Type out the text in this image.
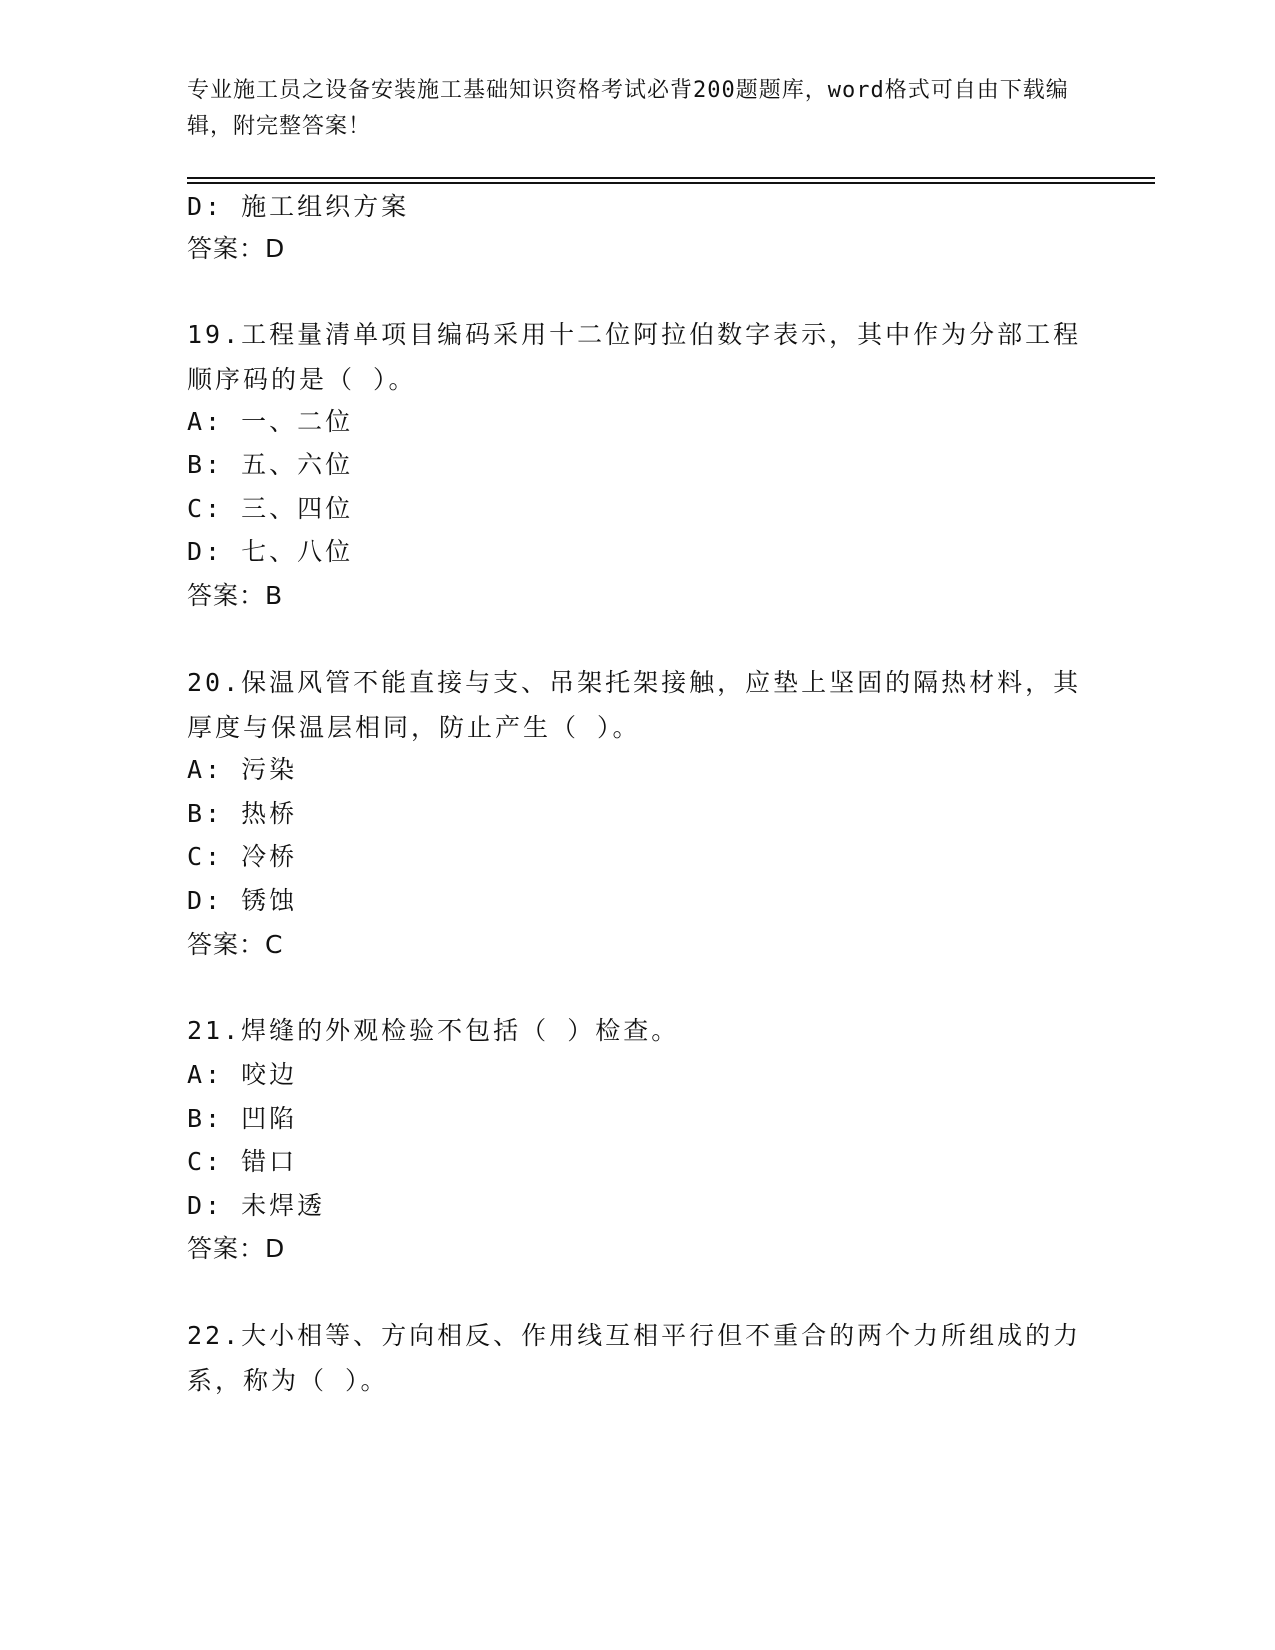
专业施工员之设备安装施工基础知识资格考试必背200题题库，word格式可自由下载编辑，附完整答案！
D: 施工组织方案
答案：D
19.工程量清单项目编码采用十二位阿拉伯数字表示，其中作为分部工程顺序码的是（ ）。
A: 一、二位
B: 五、六位
C: 三、四位
D: 七、八位
答案：B
20.保温风管不能直接与支、吊架托架接触，应垫上坚固的隔热材料，其厚度与保温层相同，防止产生（ ）。
A: 污染
B: 热桥
C: 冷桥
D: 锈蚀
答案：C
21.焊缝的外观检验不包括（ ）检查。
A: 咬边
B: 凹陷
C: 错口
D: 未焊透
答案：D
22.大小相等、方向相反、作用线互相平行但不重合的两个力所组成的力系，称为（ ）。
